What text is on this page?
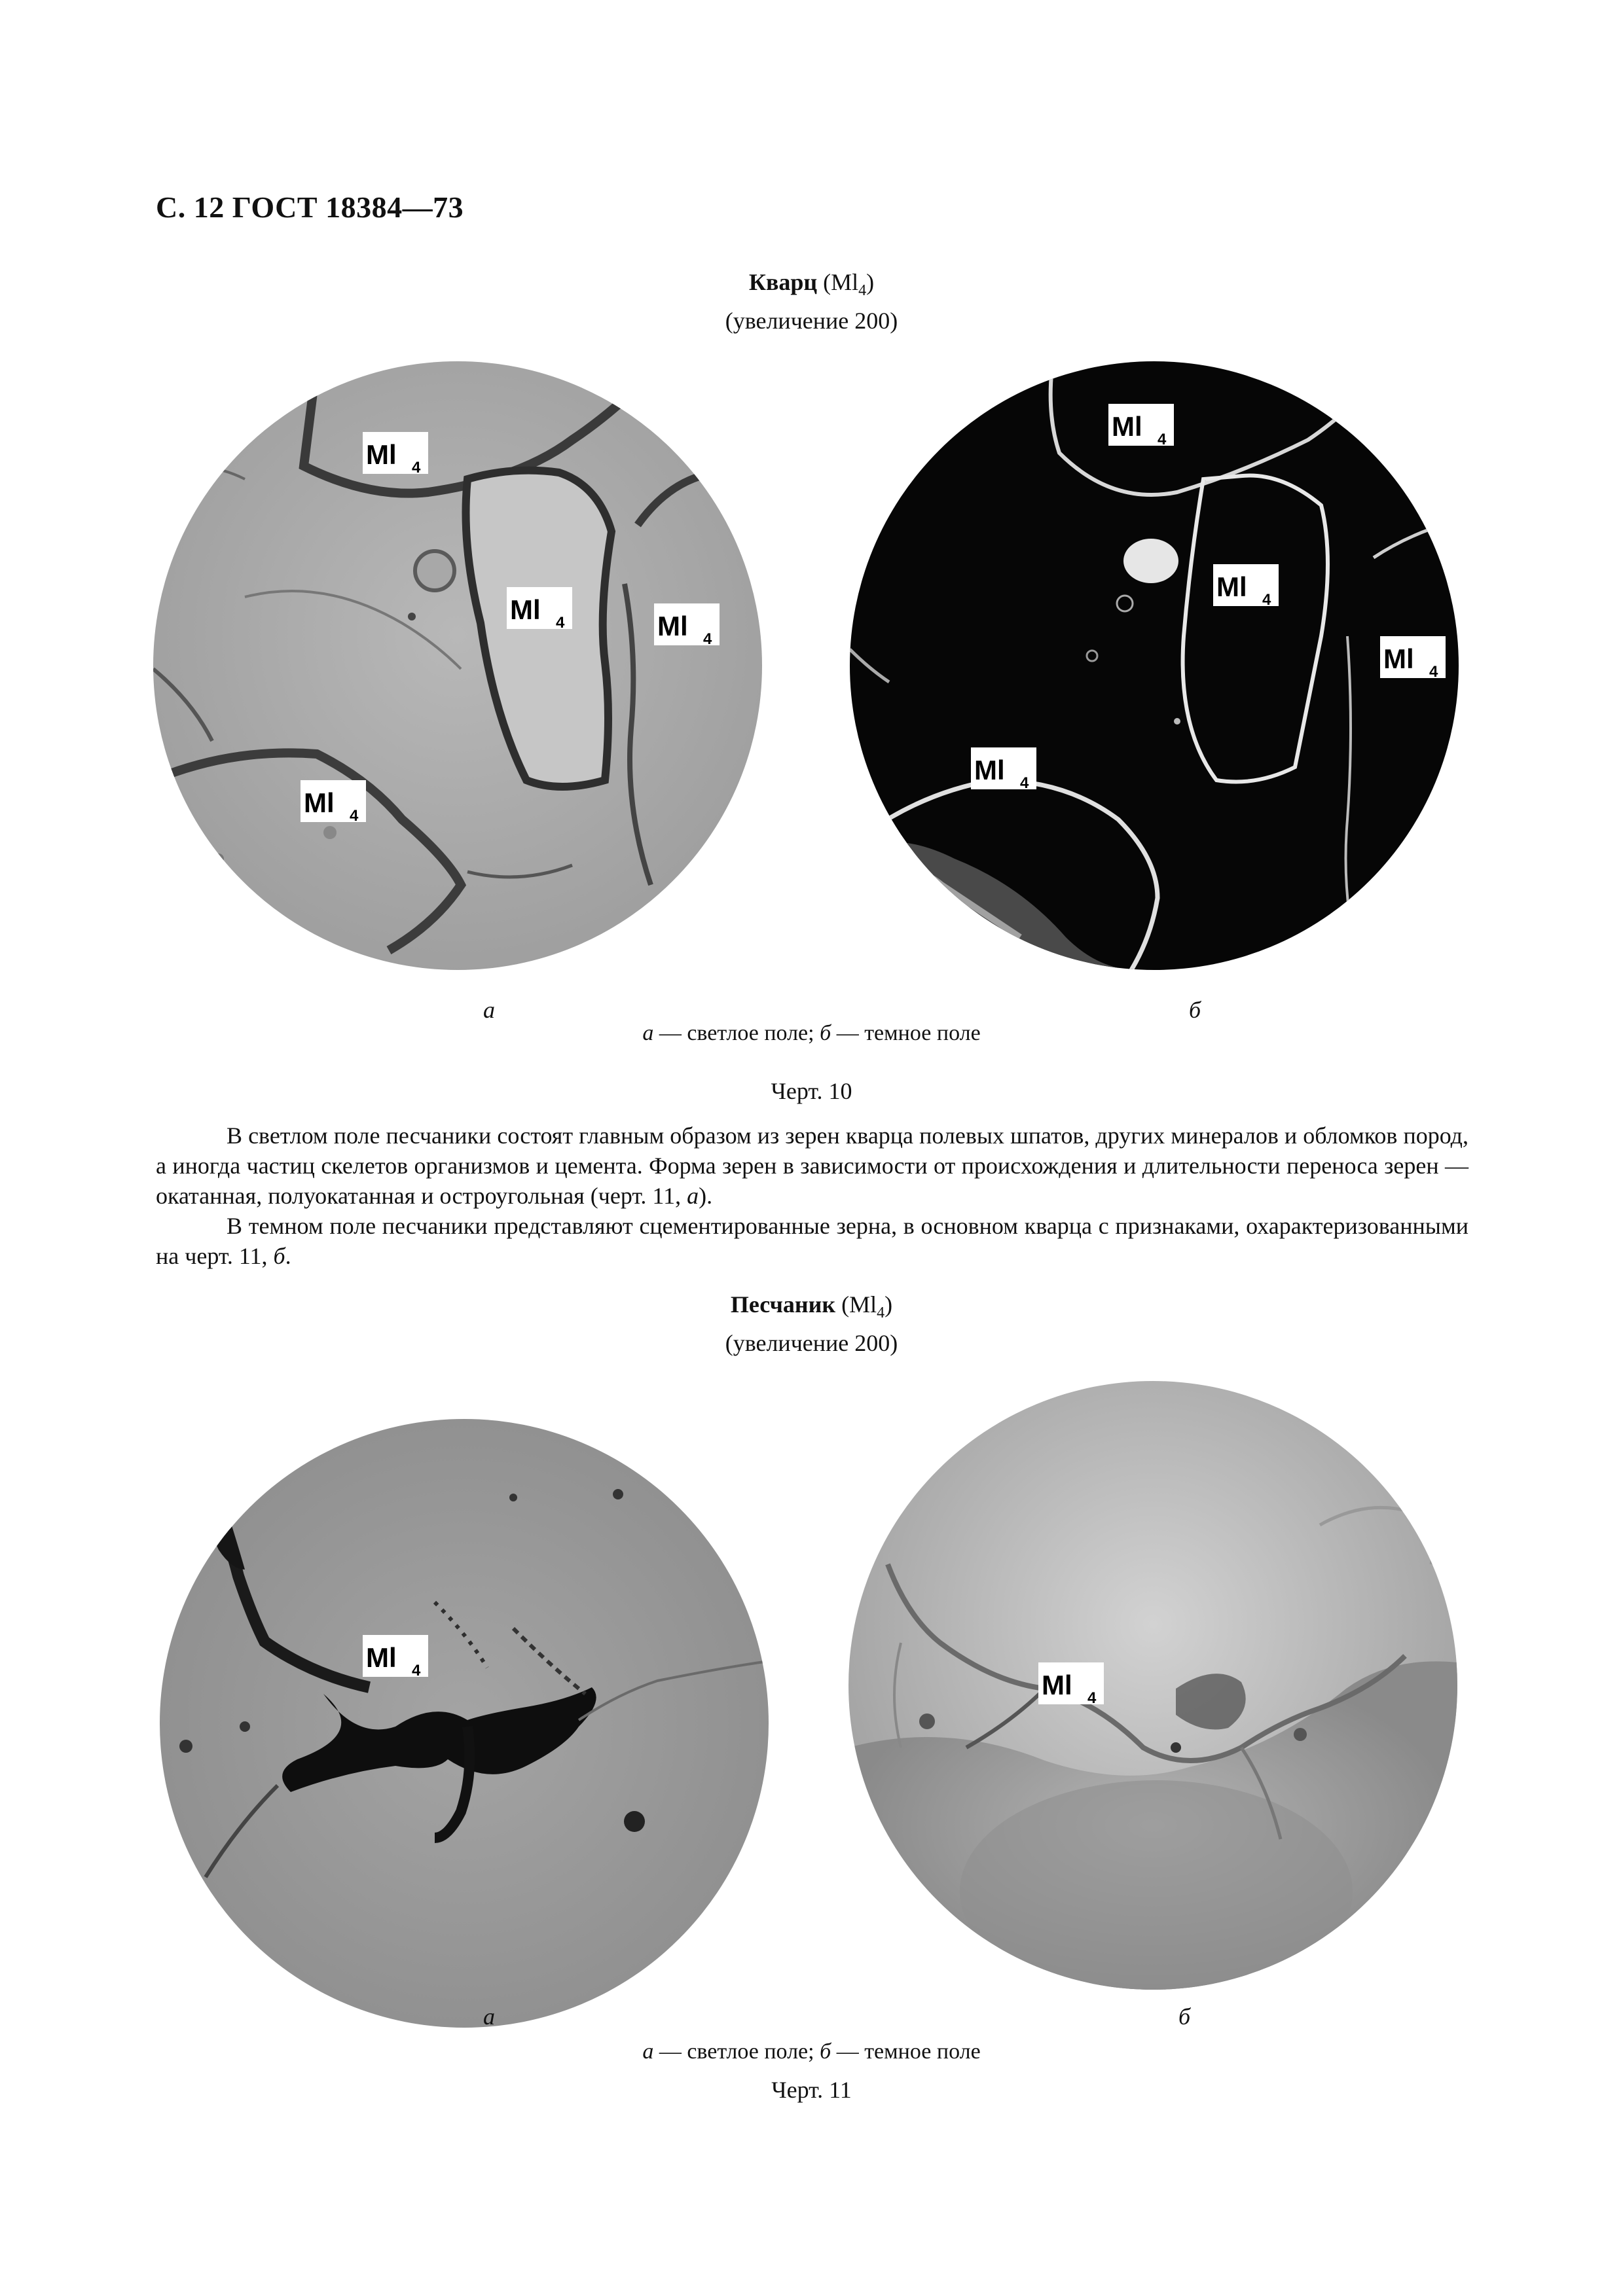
С. 12 ГОСТ 18384—73
Кварц $(Ml_4)$
(увеличение 200)
Ml 4
Ml 4	Ml 4
Ml 4
Ml 4
Ml 4
Ml 4
Ml 4
а	б
а — светлое поле; б — темное поле
Черт. 10

В светлом поле песчаники состоят главным образом из зерен кварца полевых шпатов, других минералов и обломков пород, а иногда частиц скелетов организмов и цемента. Форма зерен в зависимости от происхождения и длительности переноса зерен — окатанная, полуокатанная и остроугольная (черт. 11, а).

В темном поле песчаники представляют сцементированные зерна, в основном кварца с признаками, охарактеризованными на черт. 11, б.

Песчаник $(Ml_4)$
(увеличение 200)
Ml 4	Ml 4
а	б
а — светлое поле; б — темное поле
Черт. 11
